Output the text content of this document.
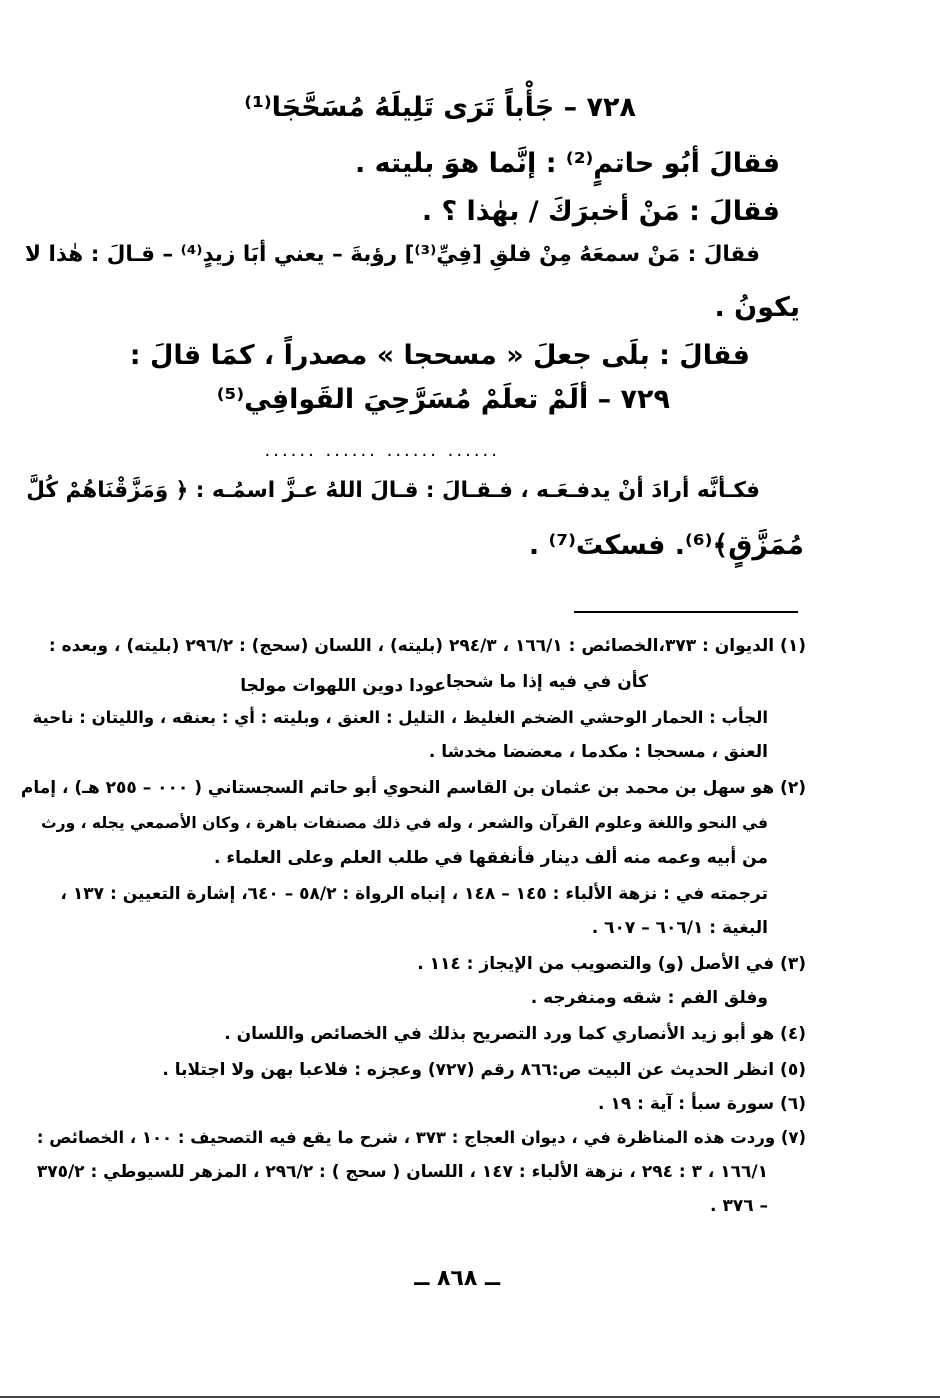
٧٢٨ – جَأْباً تَرَى تَلِيلَهُ مُسَحَّجَا⁽¹⁾
فقالَ أبُو حاتمٍ⁽²⁾ : إنَّما هوَ بليته .
فقالَ : مَنْ أخبرَكَ / بهٰذا ؟ .
فقالَ : مَنْ سمعَهُ مِنْ فلقِ [فِيِّ⁽³⁾] رؤبةَ – يعني أبَا زيدٍ⁽⁴⁾ – قـالَ : هٰذا لا
يكونُ .
فقالَ : بلَى جعلَ « مسحجا » مصدراً ، كمَا قالَ :
٧٢٩ – ألَمْ تعلَمْ مُسَرَّحِيَ القَوافِي⁽⁵⁾
...... ...... ...... ......
فكـأنَّه أرادَ أنْ يدفـعَـه ، فـقـالَ : قـالَ اللهُ عـزَّ اسمُـه : ﴿ وَمَزَّقْنَاهُمْ كُلَّ
مُمَزَّقٍ﴾⁽⁶⁾. فسكتَ⁽⁷⁾ .
(١) الديوان : ٣٧٣،الخصائص : ١٦٦/١ ، ٢٩٤/٣ (بليته) ، اللسان (سحج) : ٢٩٦/٢ (بليته) ، وبعده :
كأن في فيه إذا ما شحجا
عودا دوين اللهوات مولجا
الجأب : الحمار الوحشي الضخم الغليظ ، التليل : العنق ، وبليته : أي : بعنقه ، والليتان : ناحية
العنق ، مسحجا : مكدما ، معضضا مخدشا .
(٢) هو سهل بن محمد بن عثمان بن القاسم النحوي أبو حاتم السجستاني ( ٠٠٠ – ٢٥٥ هـ) ، إمام
في النحو واللغة وعلوم القرآن والشعر ، وله في ذلك مصنفات باهرة ، وكان الأصمعي يجله ، ورث
من أبيه وعمه منه ألف دينار فأنفقها في طلب العلم وعلى العلماء .
ترجمته في : نزهة الألباء : ١٤٥ – ١٤٨ ، إنباه الرواة : ٥٨/٢ – ٦٤٠، إشارة التعيين : ١٣٧ ،
البغية : ٦٠٦/١ – ٦٠٧ .
(٣) في الأصل (و) والتصويب من الإيجاز : ١١٤ .
وفلق الفم : شقه ومنفرجه .
(٤) هو أبو زيد الأنصاري كما ورد التصريح بذلك في الخصائص واللسان .
(٥) انظر الحديث عن البيت ص:٨٦٦ رقم (٧٢٧) وعجزه : فلاعبا بهن ولا اجتلابا .
(٦) سورة سبأ : آية : ١٩ .
(٧) وردت هذه المناظرة في ، ديوان العجاج : ٣٧٣ ، شرح ما يقع فيه التصحيف : ١٠٠ ، الخصائص :
١٦٦/١ ، ٣ : ٢٩٤ ، نزهة الألباء : ١٤٧ ، اللسان ( سحج ) : ٢٩٦/٢ ، المزهر للسيوطي : ٣٧٥/٢
– ٣٧٦ .
ــ ٨٦٨ ــ
